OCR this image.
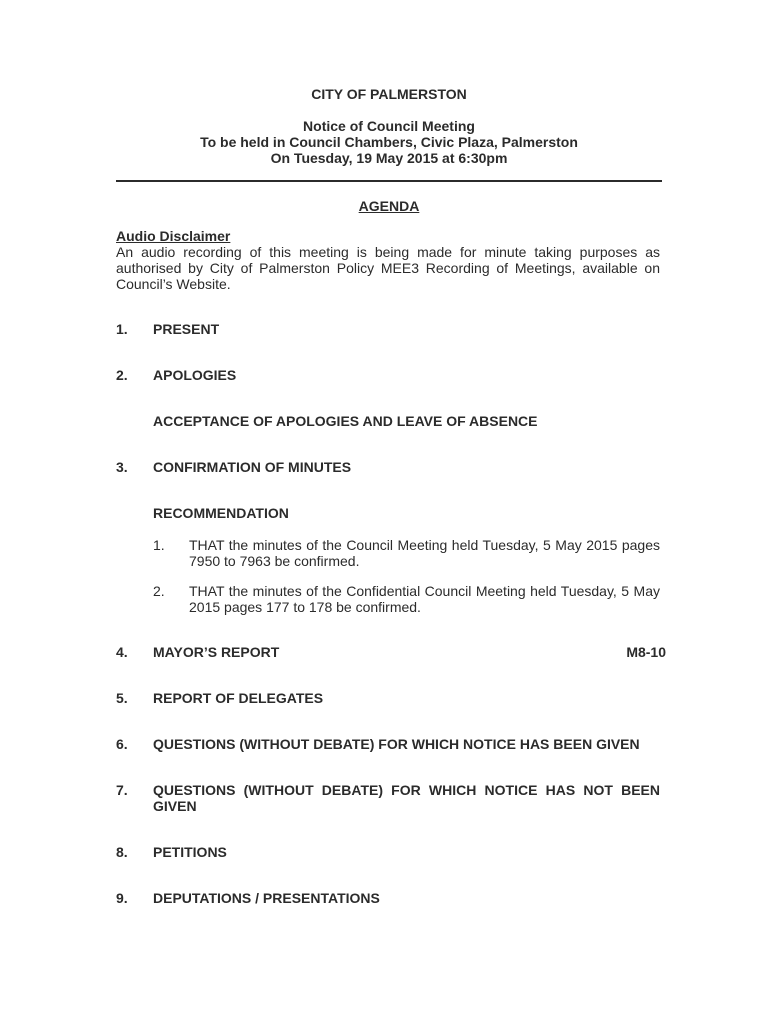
CITY OF PALMERSTON
Notice of Council Meeting
To be held in Council Chambers, Civic Plaza, Palmerston
On Tuesday, 19 May 2015 at 6:30pm
AGENDA
Audio Disclaimer
An audio recording of this meeting is being made for minute taking purposes as authorised by City of Palmerston Policy MEE3 Recording of Meetings, available on Council’s Website.
1. PRESENT
2. APOLOGIES
ACCEPTANCE OF APOLOGIES AND LEAVE OF ABSENCE
3. CONFIRMATION OF MINUTES
RECOMMENDATION
1. THAT the minutes of the Council Meeting held Tuesday, 5 May 2015 pages 7950 to 7963 be confirmed.
2. THAT the minutes of the Confidential Council Meeting held Tuesday, 5 May 2015 pages 177 to 178 be confirmed.
4. MAYOR’S REPORT	M8-10
5. REPORT OF DELEGATES
6. QUESTIONS (WITHOUT DEBATE) FOR WHICH NOTICE HAS BEEN GIVEN
7. QUESTIONS (WITHOUT DEBATE) FOR WHICH NOTICE HAS NOT BEEN GIVEN
8. PETITIONS
9. DEPUTATIONS / PRESENTATIONS
